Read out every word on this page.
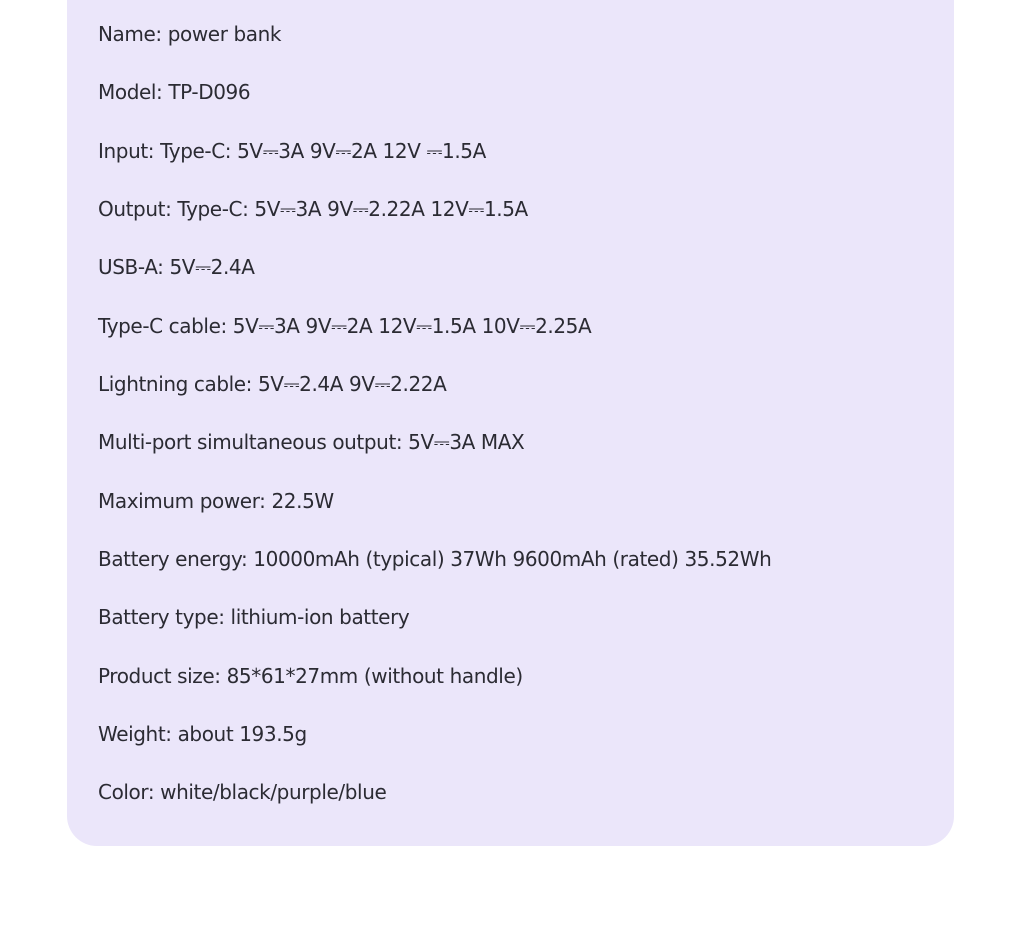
Name: power bank
Model: TP-D096
Input: Type-C: 5V⎓3A 9V⎓2A 12V ⎓1.5A
Output: Type-C: 5V⎓3A 9V⎓2.22A 12V⎓1.5A
USB-A: 5V⎓2.4A
Type-C cable: 5V⎓3A 9V⎓2A 12V⎓1.5A 10V⎓2.25A
Lightning cable: 5V⎓2.4A 9V⎓2.22A
Multi-port simultaneous output: 5V⎓3A MAX
Maximum power: 22.5W
Battery energy: 10000mAh (typical) 37Wh 9600mAh (rated) 35.52Wh
Battery type: lithium-ion battery
Product size: 85*61*27mm (without handle)
Weight: about 193.5g
Color: white/black/purple/blue
